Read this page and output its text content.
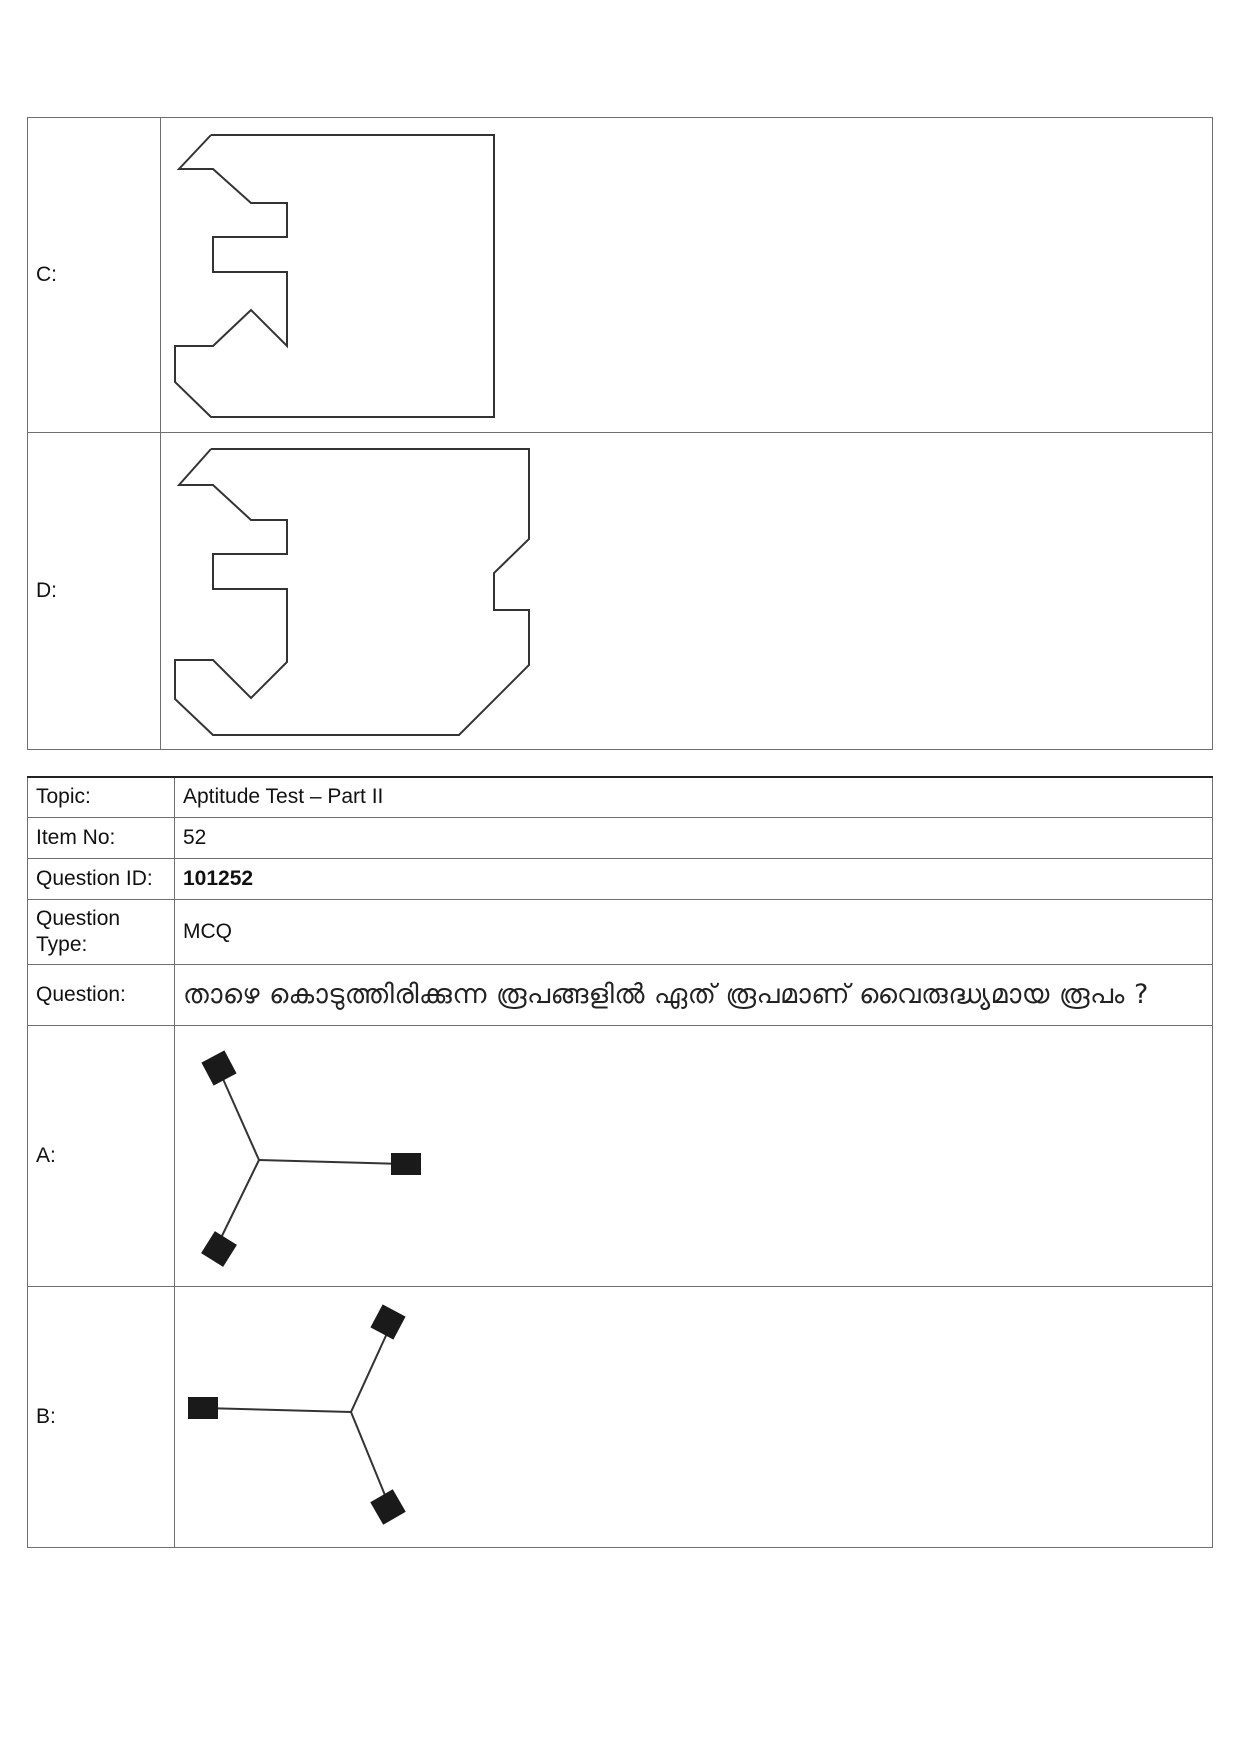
C:	

D:	
Topic:	Aptitude Test – Part II
Item No:	52
Question ID:	101252
Question
Type:	MCQ
Question:	താഴെ കൊടുത്തിരിക്കുന്ന രൂപങ്ങളിൽ ഏത് രൂപമാണ് വൈരുദ്ധ്യമായ രൂപം ?
A:	

B:	
